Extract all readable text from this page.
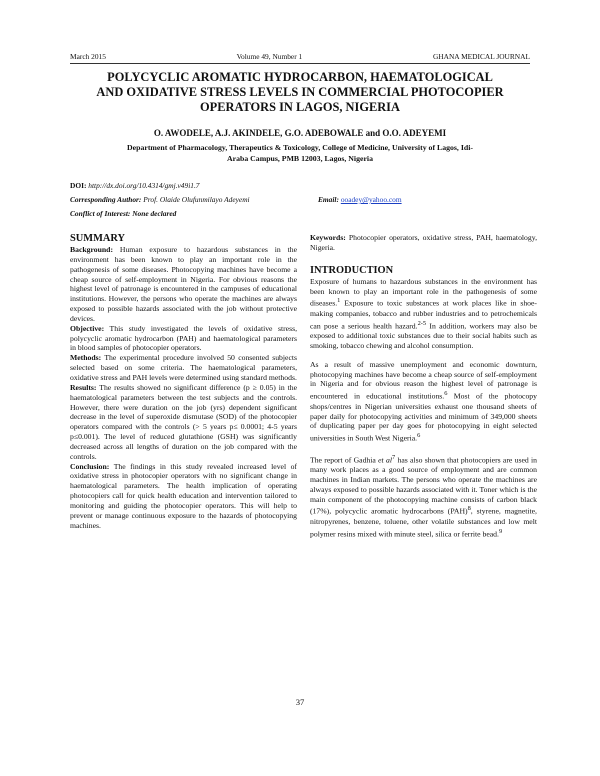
March 2015	Volume 49, Number 1	GHANA MEDICAL JOURNAL
POLYCYCLIC AROMATIC HYDROCARBON, HAEMATOLOGICAL
AND OXIDATIVE STRESS LEVELS IN COMMERCIAL PHOTOCOPIER
OPERATORS IN LAGOS, NIGERIA
O. AWODELE, A.J. AKINDELE, G.O. ADEBOWALE and O.O. ADEYEMI
Department of Pharmacology, Therapeutics & Toxicology, College of Medicine, University of Lagos, Idi-
Araba Campus, PMB 12003, Lagos, Nigeria
DOI: http://dx.doi.org/10.4314/gmj.v49i1.7
Corresponding Author: Prof. Olaide Olufunmilayo Adeyemi	Email: ooadey@yahoo.com
Conflict of Interest: None declared
SUMMARY

Background: Human exposure to hazardous substances in the environment has been known to play an important role in the pathogenesis of some diseases. Photocopying machines have become a cheap source of self-employment in Nigeria. For obvious reasons the highest level of patronage is encountered in the campuses of educational institutions. However, the persons who operate the machines are always exposed to possible hazards associated with the job without protective devices.

Objective: This study investigated the levels of oxidative stress, polycyclic aromatic hydrocarbon (PAH) and haematological parameters in blood samples of photocopier operators.

Methods: The experimental procedure involved 50 consented subjects selected based on some criteria. The haematological parameters, oxidative stress and PAH levels were determined using standard methods.

Results: The results showed no significant difference (p ≥ 0.05) in the haematological parameters between the test subjects and the controls. However, there were duration on the job (yrs) dependent significant decrease in the level of superoxide dismutase (SOD) of the photocopier operators compared with the controls (> 5 years p≤ 0.0001; 4-5 years p≤0.001). The level of reduced glutathione (GSH) was significantly decreased across all lengths of duration on the job compared with the controls.

Conclusion: The findings in this study revealed increased level of oxidative stress in photocopier operators with no significant change in haematological parameters. The health implication of operating photocopiers call for quick health education and intervention tailored to monitoring and guiding the photocopier operators. This will help to prevent or manage continuous exposure to the hazards of photocopying machines.

Keywords: Photocopier operators, oxidative stress, PAH, haematology, Nigeria.

INTRODUCTION

Exposure of humans to hazardous substances in the environment has been known to play an important role in the pathogenesis of some diseases.$^1$ Exposure to toxic substances at work places like in shoe-making companies, tobacco and rubber industries and to petrochemicals can pose a serious health hazard.$^{2-5}$ In addition, workers may also be exposed to additional toxic substances due to their social habits such as smoking, tobacco chewing and alcohol consumption.

As a result of massive unemployment and economic downturn, photocopying machines have become a cheap source of self-employment in Nigeria and for obvious reason the highest level of patronage is encountered in educational institutions.$^6$ Most of the photocopy shops/centres in Nigerian universities exhaust one thousand sheets of paper daily for photocopying activities and minimum of 349,000 sheets of duplicating paper per day goes for photocopying in eight selected universities in South West Nigeria.$^6$

The report of Gadhia et $al^7$ has also shown that photocopiers are used in many work places as a good source of employment and are common machines in Indian markets. The persons who operate the machines are always exposed to possible hazards associated with it. Toner which is the main component of the photocopying machine consists of carbon black (17%), polycyclic aromatic hydrocarbons (PAH)$^8$, styrene, magnetite, nitropyrenes, benzene, toluene, other volatile substances and low melt polymer resins mixed with minute steel, silica or ferrite bead.$^9$

37
